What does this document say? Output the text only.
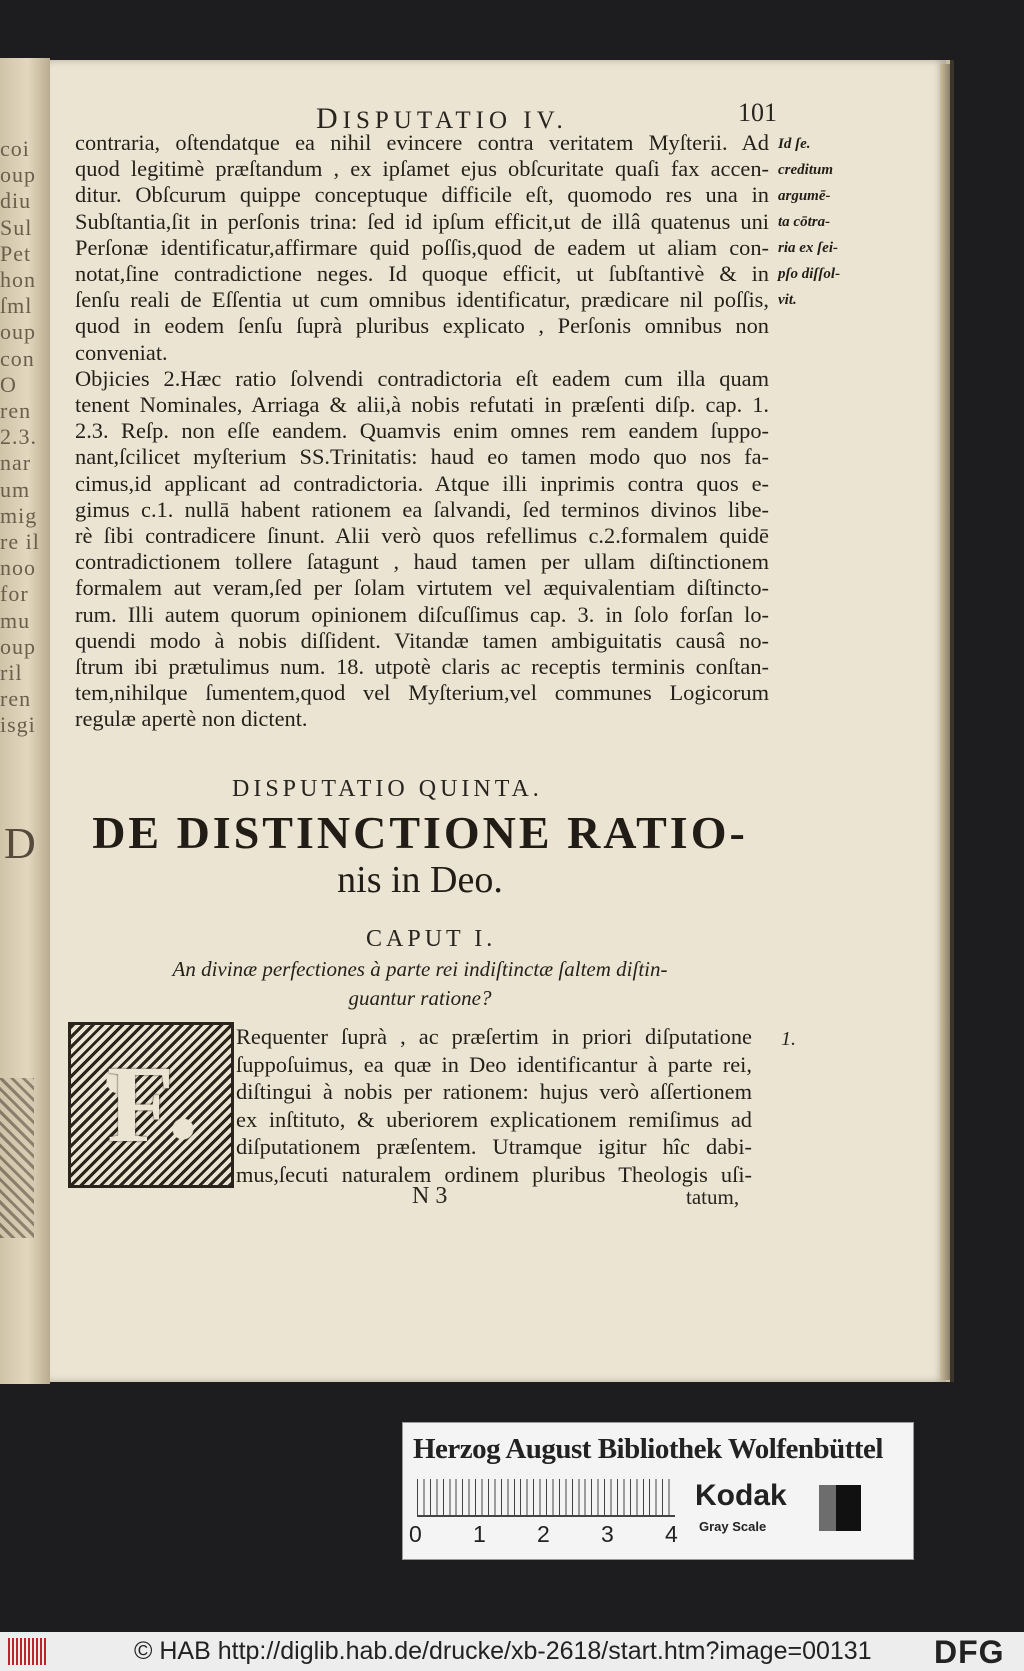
coi
oup
diu
Sul
Pet
hon
ſml
oup
con
O
ren
2.3.
nar
um
mig
re il
noo
for
mu
oup
ril
ren
isgi
D
DISPUTATIO IV.	101
contraria, oſtendatque ea nihil evincere contra veritatem Myſterii. Ad
quod legitimè præſtandum , ex ipſamet ejus obſcuritate quaſi fax accen-
ditur. Obſcurum quippe conceptuque difficile eſt, quomodo res una in
Subſtantia,ſit in perſonis trina: ſed id ipſum efficit,ut de illâ quatenus uni
Perſonæ identificatur,affirmare quid poſſis,quod de eadem ut aliam con-
notat,ſine contradictione neges. Id quoque efficit, ut ſubſtantivè & in
ſenſu reali de Eſſentia ut cum omnibus identificatur, prædicare nil poſſis,
quod in eodem ſenſu ſuprà pluribus explicato , Perſonis omnibus non
conveniat.
Objicies 2.Hæc ratio ſolvendi contradictoria eſt eadem cum illa quam
tenent Nominales, Arriaga & alii,à nobis refutati in præſenti diſp. cap. 1.
2.3. Reſp. non eſſe eandem. Quamvis enim omnes rem eandem ſuppo-
nant,ſcilicet myſterium SS.Trinitatis: haud eo tamen modo quo nos fa-
cimus,id applicant ad contradictoria. Atque illi inprimis contra quos e-
gimus c.1. nullā habent rationem ea ſalvandi, ſed terminos divinos libe-
rè ſibi contradicere ſinunt. Alii verò quos refellimus c.2.formalem quidē
contradictionem tollere ſatagunt , haud tamen per ullam diſtinctionem
formalem aut veram,ſed per ſolam virtutem vel æquivalentiam diſtincto-
rum. Illi autem quorum opinionem diſcuſſimus cap. 3. in ſolo forſan lo-
quendi modo à nobis diſſident. Vitandæ tamen ambiguitatis causâ no-
ſtrum ibi prætulimus num. 18. utpotè claris ac receptis terminis conſtan-
tem,nihilque ſumentem,quod vel Myſterium,vel communes Logicorum
regulæ apertè non dictent.
Id ſe.
creditum
argumē-
ta cōtra-
ria ex ſei-
pſo diſſol-
vit.
DISPUTATIO QUINTA.
DE DISTINCTIONE RATIO-
nis in Deo.
CAPUT I.
An divinæ perfectiones à parte rei indiſtinctæ ſaltem diſtin-
guantur ratione?
F
Requenter ſuprà , ac præſertim in priori diſputatione
ſuppoſuimus, ea quæ in Deo identificantur à parte rei,
diſtingui à nobis per rationem: hujus verò aſſertionem
ex inſtituto, & uberiorem explicationem remiſimus ad
diſputationem præſentem. Utramque igitur hîc dabi-
mus,ſecuti naturalem ordinem pluribus Theologis uſi-
1.
N 3	tatum,
Herzog August Bibliothek Wolfenbüttel
0 1 2 3 4
Kodak
Gray Scale
© HAB http://diglib.hab.de/drucke/xb-2618/start.htm?image=00131 DFG
